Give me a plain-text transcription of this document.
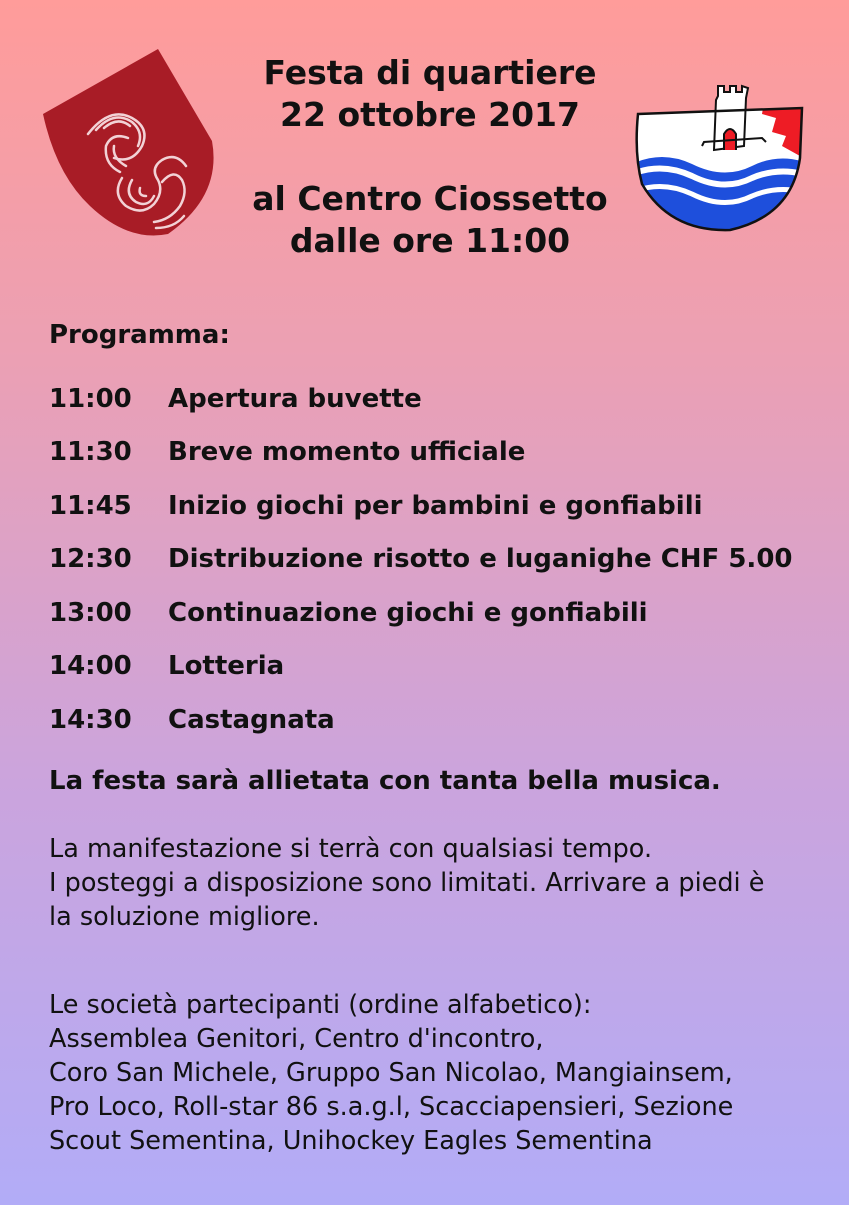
Festa di quartiere
22 ottobre 2017
al Centro Ciossetto
dalle ore 11:00
Programma:
11:00	Apertura buvette
11:30	Breve momento ufficiale
11:45	Inizio giochi per bambini e gonfiabili
12:30	Distribuzione risotto e luganighe CHF 5.00
13:00	Continuazione giochi e gonfiabili
14:00	Lotteria
14:30	Castagnata
La festa sarà allietata con tanta bella musica.
La manifestazione si terrà con qualsiasi tempo.
I posteggi a disposizione sono limitati. Arrivare a piedi è
la soluzione migliore.
Le società partecipanti (ordine alfabetico):
Assemblea Genitori, Centro d'incontro,
Coro San Michele, Gruppo San Nicolao, Mangiainsem,
Pro Loco, Roll-star 86 s.a.g.l, Scacciapensieri, Sezione
Scout Sementina, Unihockey Eagles Sementina
